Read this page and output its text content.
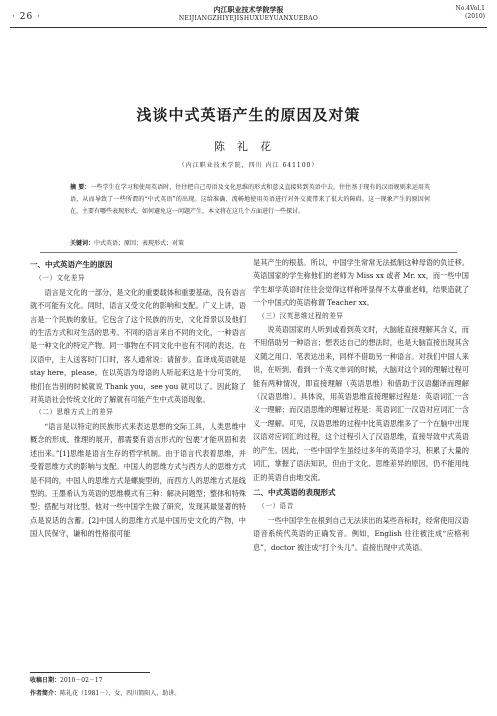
· 26 ·
内江职业技术学院学报
NEIJIANGZHIYEJISHUXUEYUANXUEBAO
No.4Vol.1
(2010)
浅谈中式英语产生的原因及对策
陈礼花
（内江职业技术学院，四川 内江 641100）
摘 要：一些学生在学习和使用英语时，往往把自己母语及文化思维的形式和意义直接转到英语中去，往往基于现有的汉语规则来运用英语，从而导致了一些所谓的“中式英语”的出现。这给准确、流畅地使用英语进行对外交流带来了很大的障碍。这一现象产生的原因何在，主要有哪些表现形式，如何避免这一问题产生，本文将在这几个方面进行一些探讨。
关键词：中式英语；原因；表现形式；对策
一、中式英语产生的原因
（一）文化差异

语言是文化的一部分，是文化的重要载体和重要基础，没有语言就不可能有文化。同时，语言又受文化的影响和支配。广义上讲，语言是一个民族的象征，它包含了这个民族的历史，文化背景以及他们的生活方式和对生活的思考。不同的语言来自不同的文化，一种语言是一种文化的特定产物。同一事物在不同文化中也有不同的表达。在汉语中，主人送客时门口时，客人通常说：请留步。直译成英语就是 stay here，please。在以英语为母语的人听起来这是十分可笑的，他们在告别的时候就说 Thank you，see you 就可以了。因此除了对英语社会传统文化的了解就有可能产生中式英语现象。

（二）思维方式上的差异

“语言是以特定的民族形式来表达思想的交际工具，人类思维中概念的形成、推理的展开，都需要有语言形式的‘包裹’才能巩固和表述出来。”[1]思维是语言生存的哲学机制。由于语言代表着思维，并受着思维方式的影响与支配。中国人的思维方式与西方人的思维方式是不同的，中国人的思维方式是螺旋型的，而西方人的思维方式是线型的。王墨希认为英语的思维模式有三种：解决问题型；整体和特殊型；搭配与对比型。他对一些中国学生做了研究，发现其最显著的特点是说话的含蓄。[2]中国人的思维方式是中国历史文化的产物，中国人民保守，谦和的性格很可能

是其产生的根基。所以，中国学生常常无法抵制这种母语的负迁移。英语国家的学生称他们的老师为 Miss xx 或者 Mr. xx，而一些中国学生却学英语时往往会觉得这样称呼显得不太尊重老师，结果造就了一个中国式的英语称谓 Teacher xx。

（三）汉英思维过程的差异

说英语国家的人听到或看到英文时，大脑能直接理解其含义，而不用借助另一种语言；想表达自己的想法时，也是大脑直接出现其含义随之用口、笔表达出来，同样不借助另一种语言。对我们中国人来说，在听到、看到一个英文单词的时候，大脑对这个词的理解过程可能有两种情况，即直接理解（英语思维）和借助于汉语翻译而理解（汉语思维）。具体说，用英语思维直接理解过程是：英语词汇一含义一理解；而汉语思维的理解过程是：英语词汇一汉语对应词汇一含义一理解。可见，汉语思维的过程中比英语思维多了一个在脑中出现汉语对应词汇的过程，这个过程引入了汉语思维，直接导致中式英语的产生。因此，一些中国学生虽经过多年的英语学习，积累了大量的词汇，掌握了语法知识，但由于文化、思维差异的原因，仍不能用纯正的英语自由地交流。

二、中式英语的表现形式
（一）语音

一些中国学生在根到自己无法读出的某些音标时，经常使用汉语语音系统代英语的正确发音。例如，English 往往被注成“应格利息”，doctor 被注成“打个头儿”。直接出现中式英语。

收稿日期：2010－02－17
作者简介：陈礼花（1981－），女，四川简阳人，助讲。
